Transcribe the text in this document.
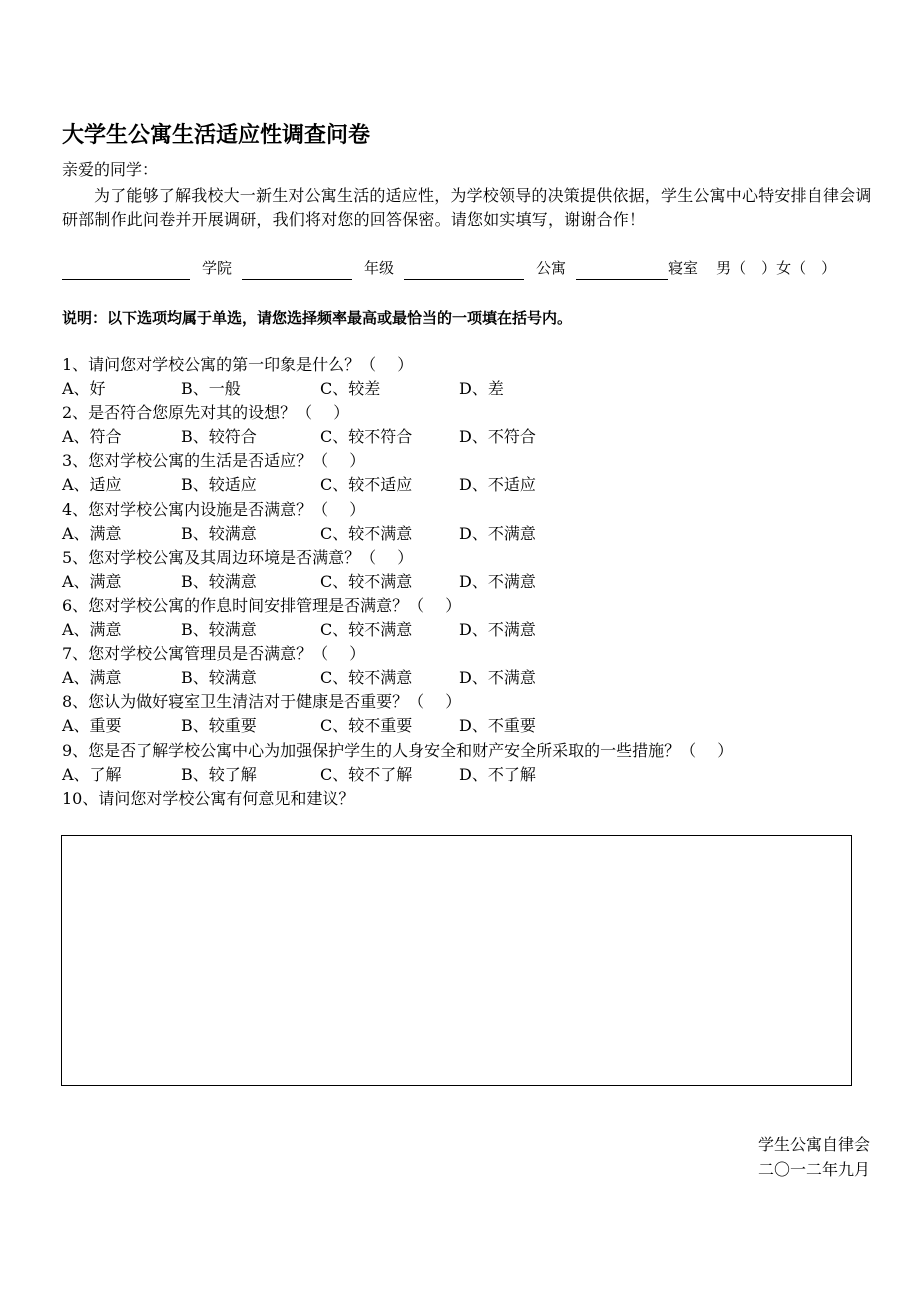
大学生公寓生活适应性调查问卷
亲爱的同学：
为了能够了解我校大一新生对公寓生活的适应性，为学校领导的决策提供依据，学生公寓中心特安排自律会调研部制作此问卷并开展调研，我们将对您的回答保密。请您如实填写，谢谢合作！
学院	年级	公寓	寝室 男（　） 女（　）
说明：以下选项均属于单选，请您选择频率最高或最恰当的一项填在括号内。
1、请问您对学校公寓的第一印象是什么？（　 ）
A、好	B、一般	C、较差	D、差
2、是否符合您原先对其的设想？（　 ）
A、符合	B、较符合	C、较不符合	D、不符合
3、您对学校公寓的生活是否适应？（　 ）
A、适应	B、较适应	C、较不适应	D、不适应
4、您对学校公寓内设施是否满意？（　 ）
A、满意	B、较满意	C、较不满意	D、不满意
5、您对学校公寓及其周边环境是否满意？（　 ）
A、满意	B、较满意	C、较不满意	D、不满意
6、您对学校公寓的作息时间安排管理是否满意？（　 ）
A、满意	B、较满意	C、较不满意	D、不满意
7、您对学校公寓管理员是否满意？（　 ）
A、满意	B、较满意	C、较不满意	D、不满意
8、您认为做好寝室卫生清洁对于健康是否重要？（　 ）
A、重要	B、较重要	C、较不重要	D、不重要
9、您是否了解学校公寓中心为加强保护学生的人身安全和财产安全所采取的一些措施？（　 ）
A、了解	B、较了解	C、较不了解	D、不了解
10、请问您对学校公寓有何意见和建议？
学生公寓自律会
二〇一二年九月
